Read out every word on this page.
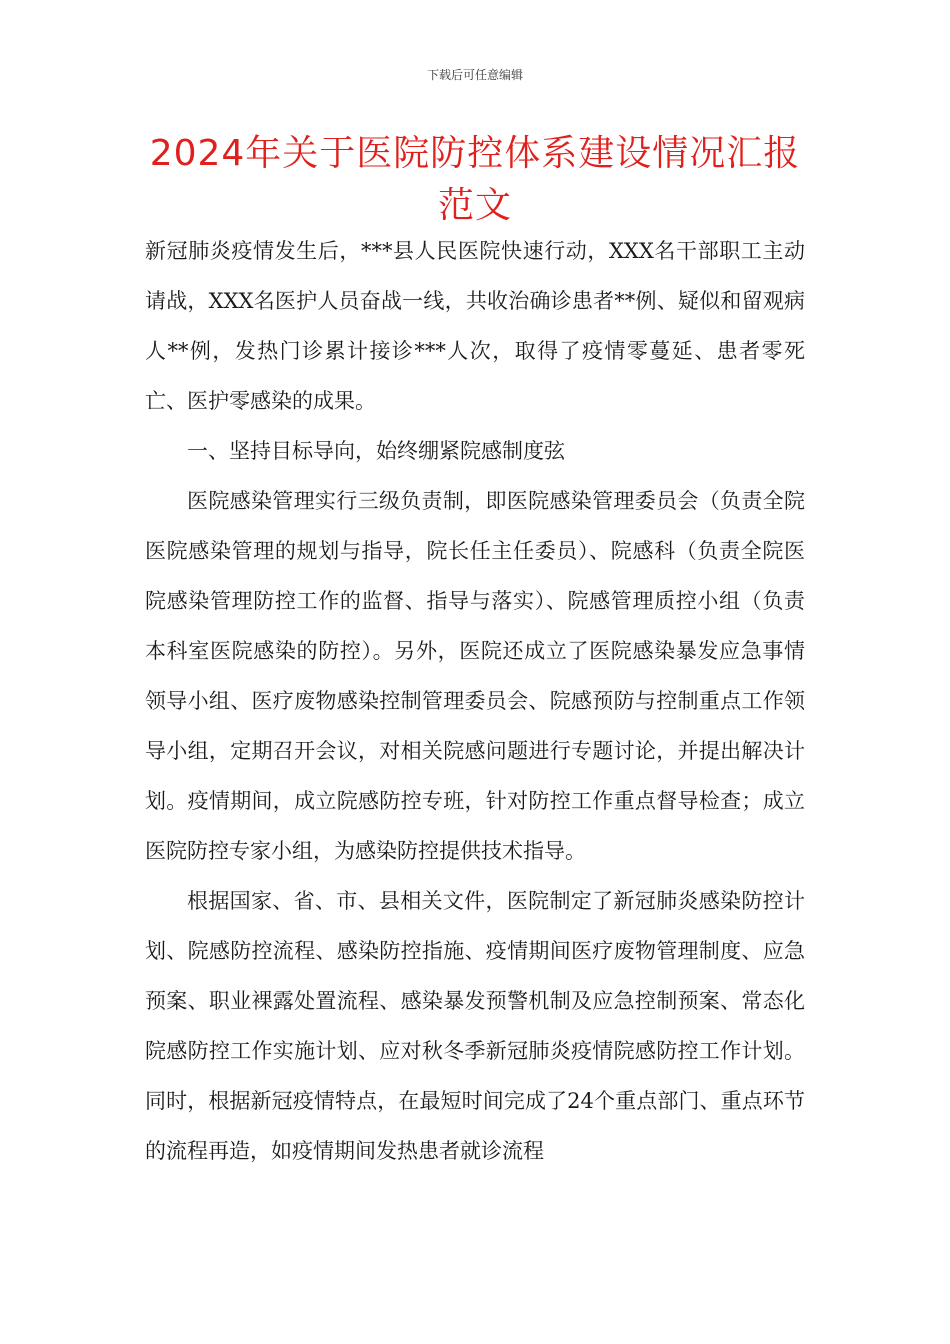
下载后可任意编辑
2024年关于医院防控体系建设情况汇报范文

新冠肺炎疫情发生后，***县人民医院快速行动，XXX名干部职工主动请战，XXX名医护人员奋战一线，共收治确诊患者**例、疑似和留观病人**例，发热门诊累计接诊***人次，取得了疫情零蔓延、患者零死亡、医护零感染的成果。

一、坚持目标导向，始终绷紧院感制度弦

医院感染管理实行三级负责制，即医院感染管理委员会（负责全院医院感染管理的规划与指导，院长任主任委员）、院感科（负责全院医院感染管理防控工作的监督、指导与落实）、院感管理质控小组（负责本科室医院感染的防控）。另外，医院还成立了医院感染暴发应急事情领导小组、医疗废物感染控制管理委员会、院感预防与控制重点工作领导小组，定期召开会议，对相关院感问题进行专题讨论，并提出解决计划。疫情期间，成立院感防控专班，针对防控工作重点督导检查；成立医院防控专家小组，为感染防控提供技术指导。

根据国家、省、市、县相关文件，医院制定了新冠肺炎感染防控计划、院感防控流程、感染防控指施、疫情期间医疗废物管理制度、应急预案、职业裸露处置流程、感染暴发预警机制及应急控制预案、常态化院感防控工作实施计划、应对秋冬季新冠肺炎疫情院感防控工作计划。同时，根据新冠疫情特点，在最短时间完成了24个重点部门、重点环节的流程再造，如疫情期间发热患者就诊流程
